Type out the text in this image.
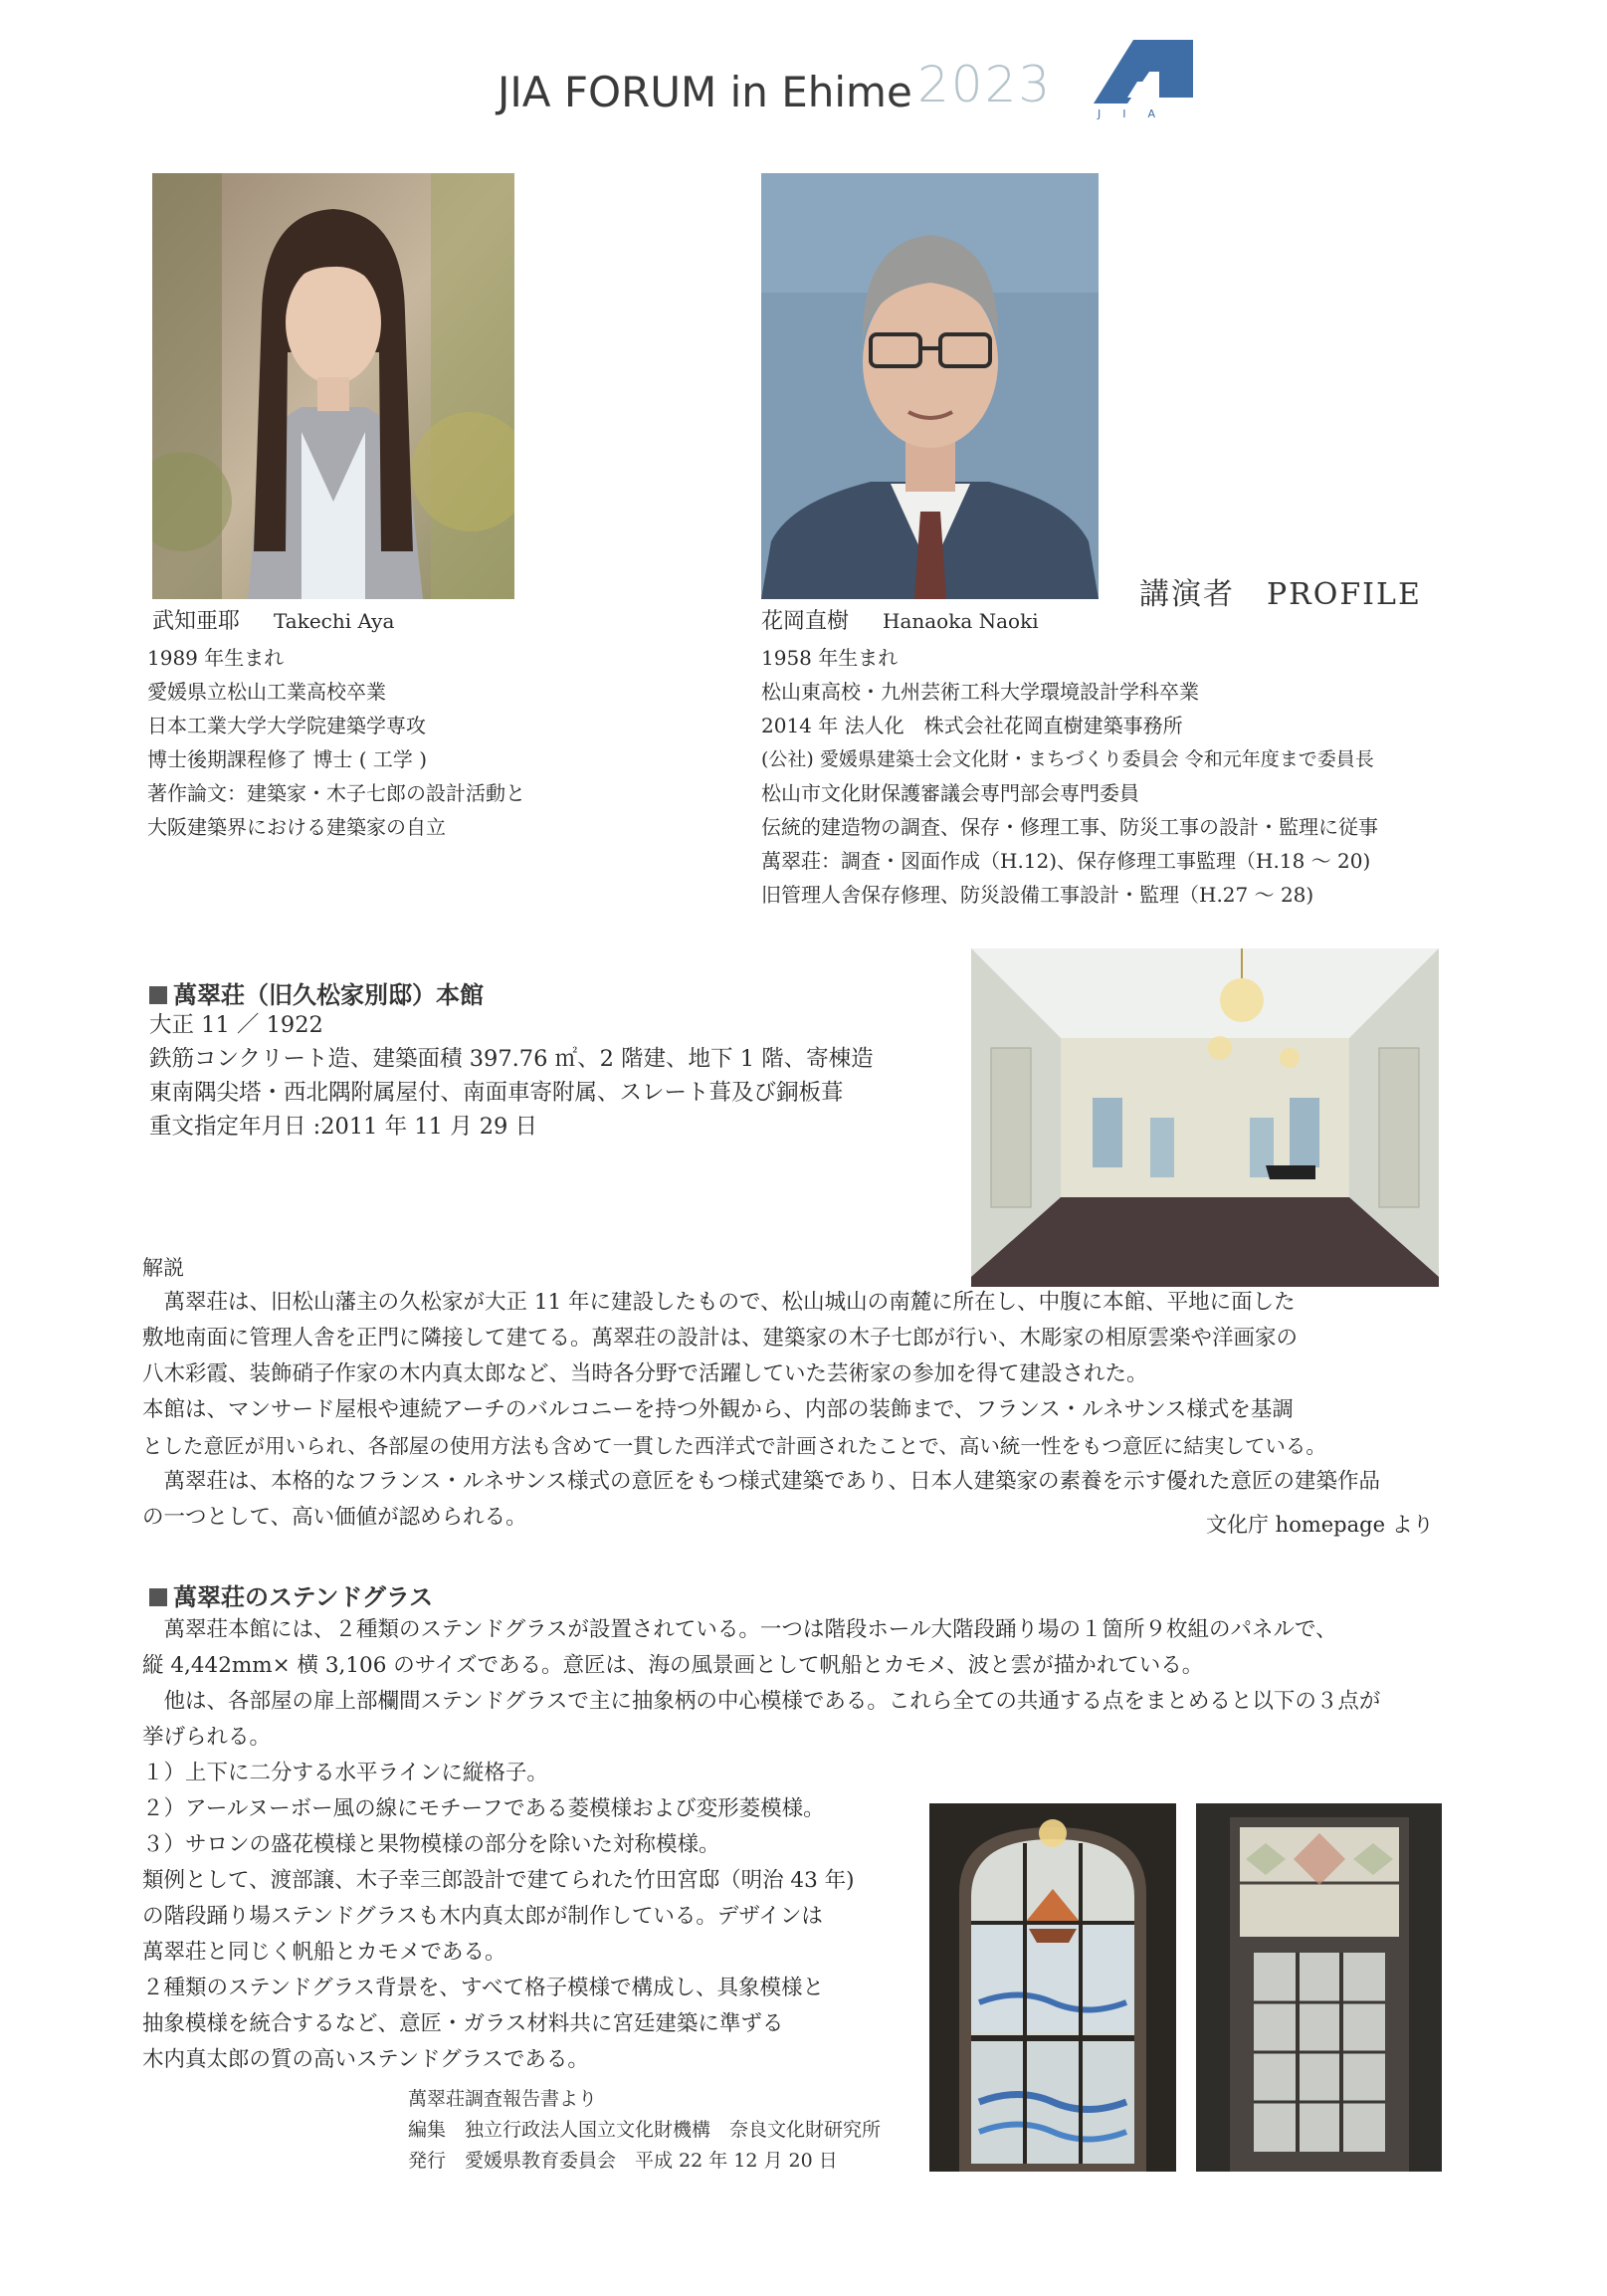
JIA FORUM in Ehime 2023
JIA
講演者　PROFILE
武知亜耶 Takechi Aya
1989 年生まれ
愛媛県立松山工業高校卒業
日本工業大学大学院建築学専攻
博士後期課程修了 博士 ( 工学 )
著作論文：建築家・木子七郎の設計活動と
大阪建築界における建築家の自立
花岡直樹 Hanaoka Naoki
1958 年生まれ
松山東高校・九州芸術工科大学環境設計学科卒業
2014 年 法人化　株式会社花岡直樹建築事務所
(公社) 愛媛県建築士会文化財・まちづくり委員会 令和元年度まで委員長
松山市文化財保護審議会専門部会専門委員
伝統的建造物の調査、保存・修理工事、防災工事の設計・監理に従事
萬翠荘：調査・図面作成（H.12)、保存修理工事監理（H.18 ～ 20)
旧管理人舎保存修理、防災設備工事設計・監理（H.27 ～ 28)
萬翠荘（旧久松家別邸）本館
大正 11 ／ 1922
鉄筋コンクリート造、建築面積 397.76 ㎡、2 階建、地下 1 階、寄棟造
東南隅尖塔・西北隅附属屋付、南面車寄附属、スレート葺及び銅板葺
重文指定年月日 :2011 年 11 月 29 日
解説
　萬翠荘は、旧松山藩主の久松家が大正 11 年に建設したもので、松山城山の南麓に所在し、中腹に本館、平地に面した
敷地南面に管理人舎を正門に隣接して建てる。萬翠荘の設計は、建築家の木子七郎が行い、木彫家の相原雲楽や洋画家の
八木彩霞、装飾硝子作家の木内真太郎など、当時各分野で活躍していた芸術家の参加を得て建設された。
本館は、マンサード屋根や連続アーチのバルコニーを持つ外観から、内部の装飾まで、フランス・ルネサンス様式を基調
とした意匠が用いられ、各部屋の使用方法も含めて一貫した西洋式で計画されたことで、高い統一性をもつ意匠に結実している。
　萬翠荘は、本格的なフランス・ルネサンス様式の意匠をもつ様式建築であり、日本人建築家の素養を示す優れた意匠の建築作品
の一つとして、高い価値が認められる。	文化庁 homepage より
萬翠荘のステンドグラス
　萬翠荘本館には、２種類のステンドグラスが設置されている。一つは階段ホール大階段踊り場の１箇所９枚組のパネルで、
縦 4,442mm× 横 3,106 のサイズである。意匠は、海の風景画として帆船とカモメ、波と雲が描かれている。
　他は、各部屋の扉上部欄間ステンドグラスで主に抽象柄の中心模様である。これら全ての共通する点をまとめると以下の３点が
挙げられる。
１）上下に二分する水平ラインに縦格子。
２）アールヌーボー風の線にモチーフである菱模様および変形菱模様。
３）サロンの盛花模様と果物模様の部分を除いた対称模様。
類例として、渡部譲、木子幸三郎設計で建てられた竹田宮邸（明治 43 年)
の階段踊り場ステンドグラスも木内真太郎が制作している。デザインは
萬翠荘と同じく帆船とカモメである。
２種類のステンドグラス背景を、すべて格子模様で構成し、具象模様と
抽象模様を統合するなど、意匠・ガラス材料共に宮廷建築に準ずる
木内真太郎の質の高いステンドグラスである。
萬翠荘調査報告書より
編集　独立行政法人国立文化財機構　奈良文化財研究所
発行　愛媛県教育委員会　平成 22 年 12 月 20 日
